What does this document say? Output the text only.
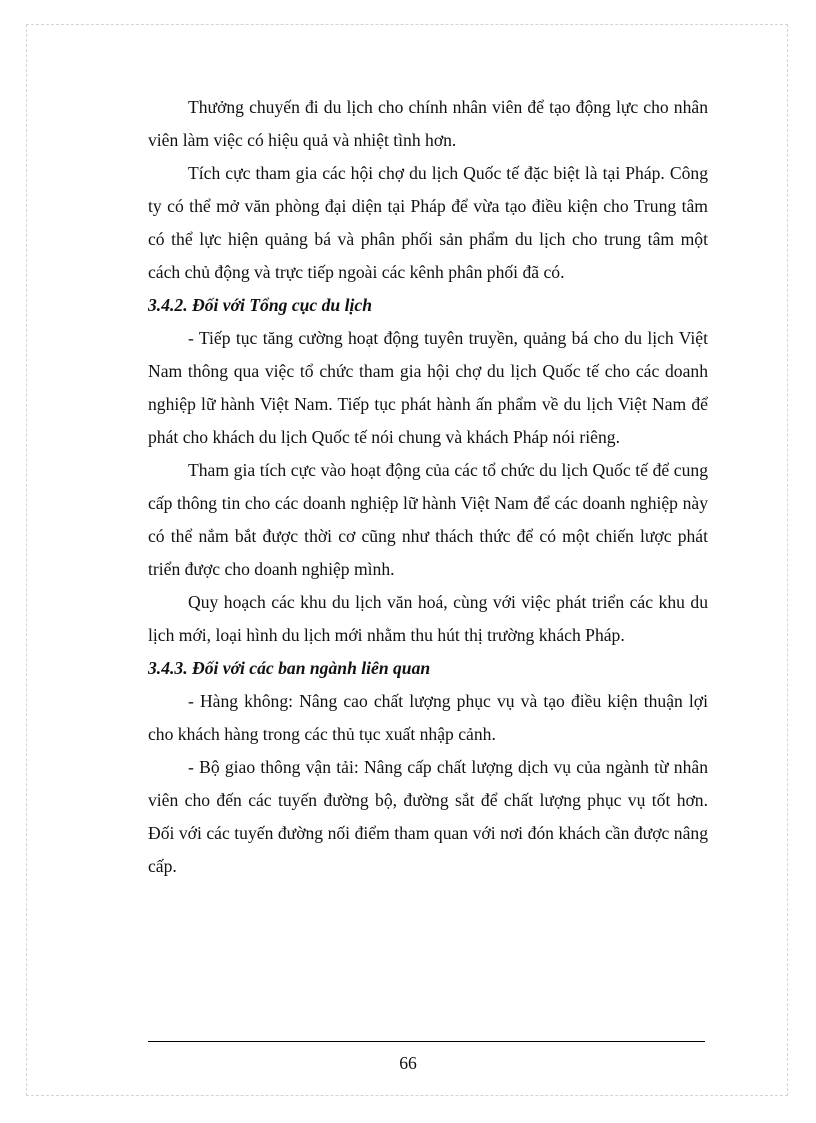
Thưởng chuyến đi du lịch cho chính nhân viên để tạo động lực cho nhân viên làm việc có hiệu quả và nhiệt tình hơn.

Tích cực tham gia các hội chợ du lịch Quốc tế đặc biệt là tại Pháp. Công ty có thể mở văn phòng đại diện tại Pháp để vừa tạo điều kiện cho Trung tâm có thể lực hiện quảng bá và phân phối sản phẩm du lịch cho trung tâm một cách chủ động và trực tiếp ngoài các kênh phân phối đã có.

3.4.2. Đối với Tổng cục du lịch

- Tiếp tục tăng cường hoạt động tuyên truyền, quảng bá cho du lịch Việt Nam thông qua việc tổ chức tham gia hội chợ du lịch Quốc tế cho các doanh nghiệp lữ hành Việt Nam. Tiếp tục phát hành ấn phẩm về du lịch Việt Nam để phát cho khách du lịch Quốc tế nói chung và khách Pháp nói riêng.

Tham gia tích cực vào hoạt động của các tổ chức du lịch Quốc tế để cung cấp thông tin cho các doanh nghiệp lữ hành Việt Nam để các doanh nghiệp này có thể nắm bắt được thời cơ cũng như thách thức để có một chiến lược phát triển được cho doanh nghiệp mình.

Quy hoạch các khu du lịch văn hoá, cùng với việc phát triển các khu du lịch mới, loại hình du lịch mới nhằm thu hút thị trường khách Pháp.

3.4.3. Đối với các ban ngành liên quan

- Hàng không: Nâng cao chất lượng phục vụ và tạo điều kiện thuận lợi cho khách hàng trong các thủ tục xuất nhập cảnh.

- Bộ giao thông vận tải: Nâng cấp chất lượng dịch vụ của ngành từ nhân viên cho đến các tuyến đường bộ, đường sắt để chất lượng phục vụ tốt hơn. Đối với các tuyến đường nối điểm tham quan với nơi đón khách cần được nâng cấp.

66
